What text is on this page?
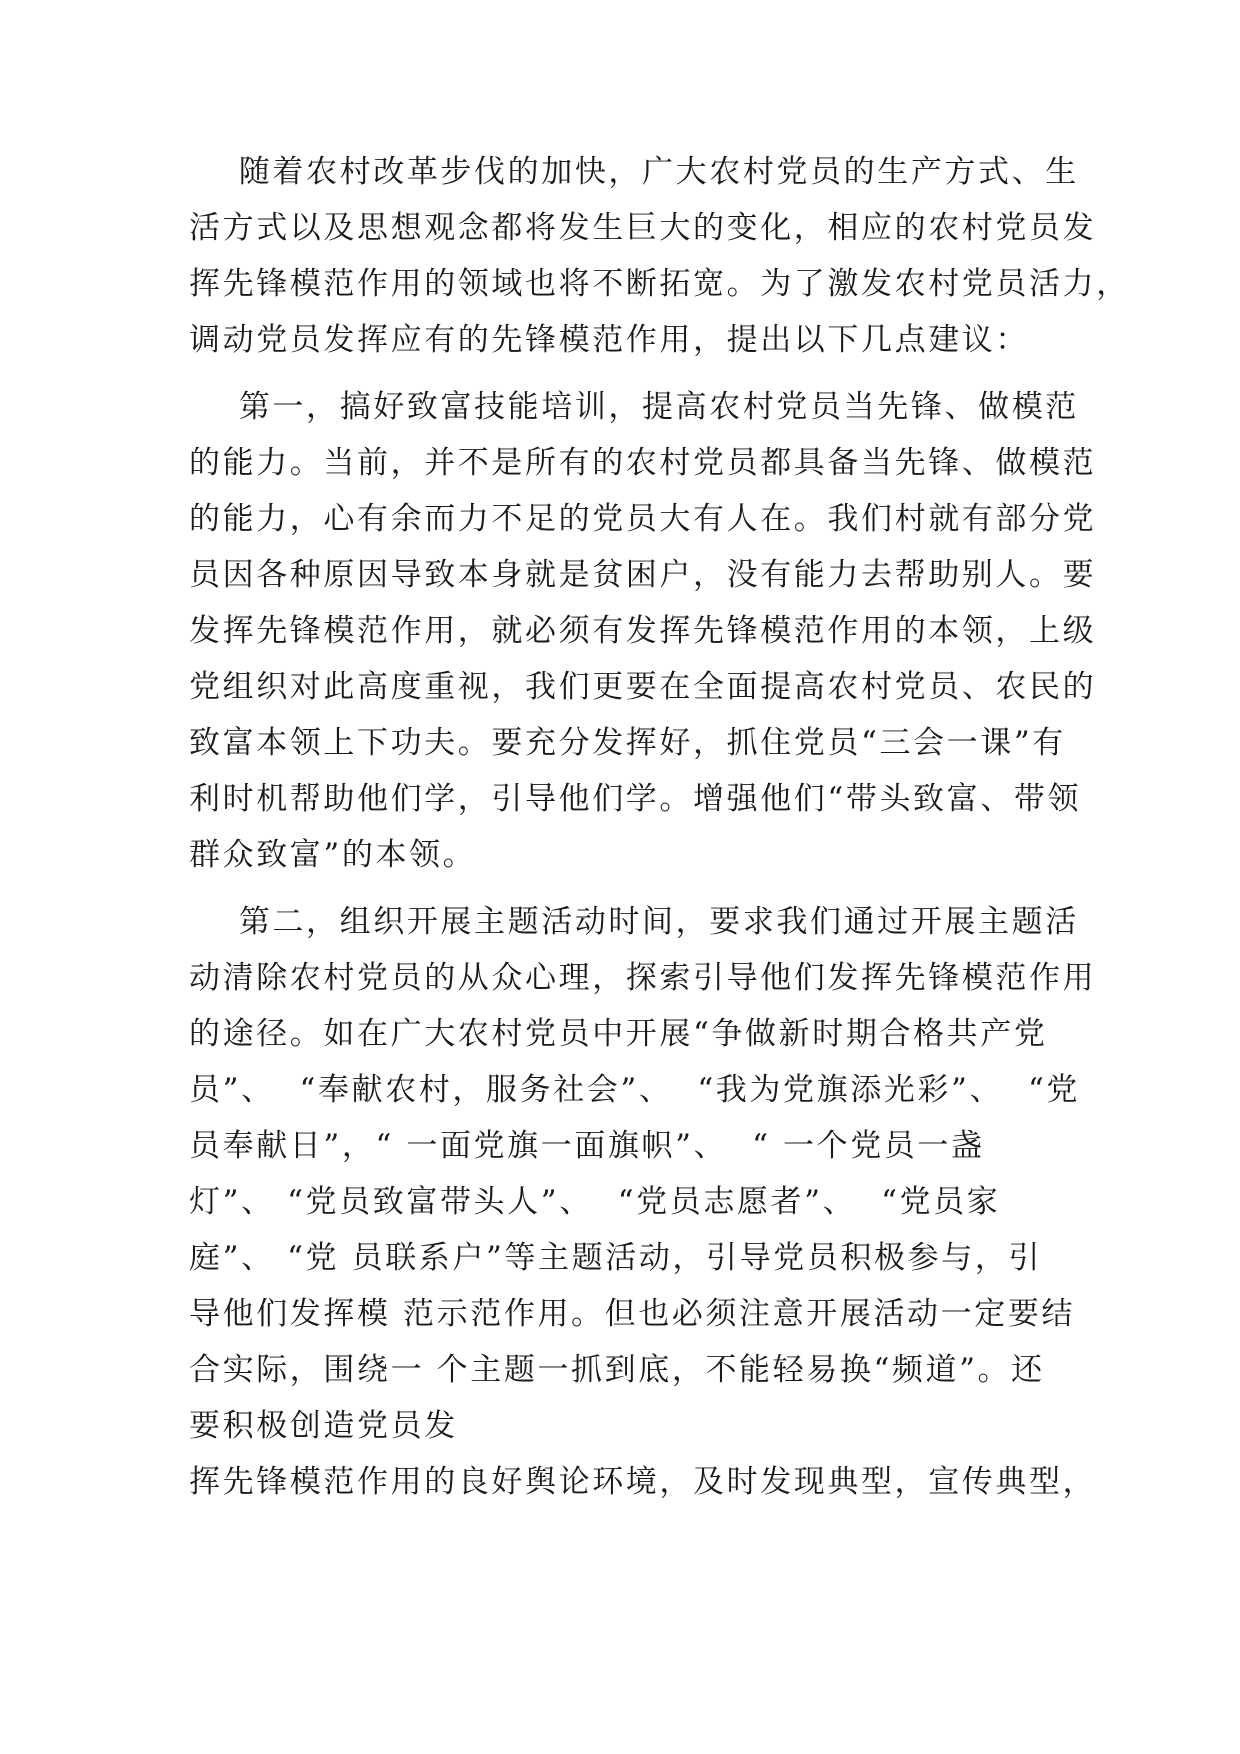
随着农村改革步伐的加快，广大农村党员的生产方式、生
活方式以及思想观念都将发生巨大的变化，相应的农村党员发
挥先锋模范作用的领域也将不断拓宽。为了激发农村党员活力，
调动党员发挥应有的先锋模范作用，提出以下几点建议：
第一，搞好致富技能培训，提高农村党员当先锋、做模范
的能力。当前，并不是所有的农村党员都具备当先锋、做模范
的能力，心有余而力不足的党员大有人在。我们村就有部分党
员因各种原因导致本身就是贫困户，没有能力去帮助别人。要
发挥先锋模范作用，就必须有发挥先锋模范作用的本领，上级
党组织对此高度重视，我们更要在全面提高农村党员、农民的
致富本领上下功夫。要充分发挥好，抓住党员“三会一课”有
利时机帮助他们学，引导他们学。增强他们“带头致富、带领
群众致富”的本领。
第二，组织开展主题活动时间，要求我们通过开展主题活
动清除农村党员的从众心理，探索引导他们发挥先锋模范作用
的途径。如在广大农村党员中开展“争做新时期合格共产党
员”、  “奉献农村，服务社会”、  “我为党旗添光彩”、  “党
员奉献日”，“ 一面党旗一面旗帜”、  “ 一个党员一盏
灯”、 “党员致富带头人”、  “党员志愿者”、  “党员家
庭”、 “党 员联系户”等主题活动，引导党员积极参与，引
导他们发挥模 范示范作用。但也必须注意开展活动一定要结
合实际，围绕一 个主题一抓到底，不能轻易换“频道”。还
要积极创造党员发
挥先锋模范作用的良好舆论环境，及时发现典型，宣传典型，
